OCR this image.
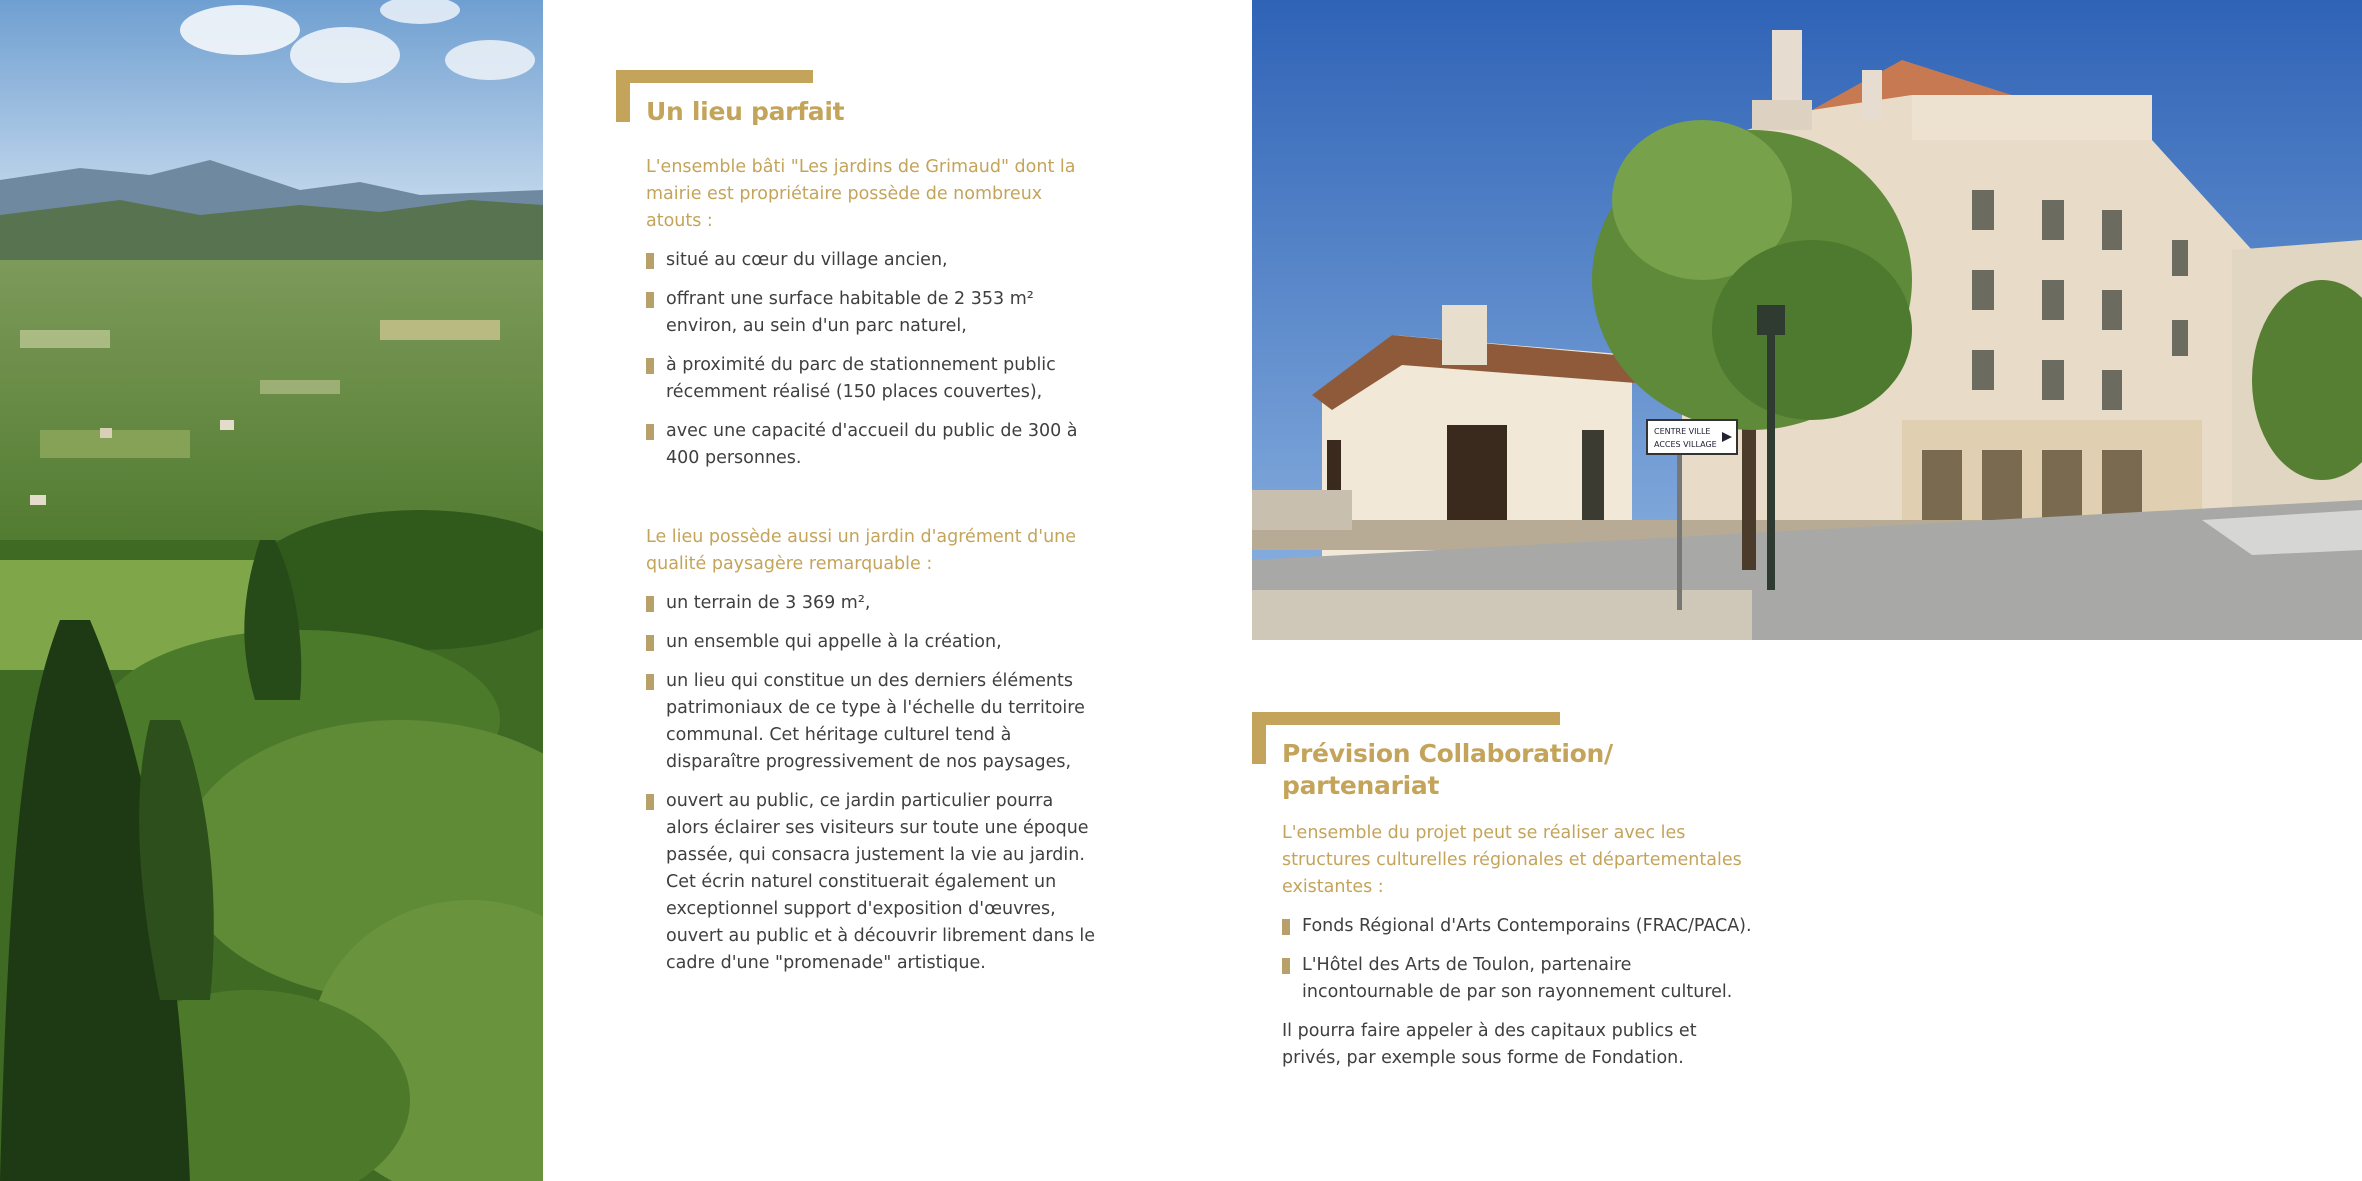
Un lieu parfait

L'ensemble bâti "Les jardins de Grimaud" dont la mairie est propriétaire possède de nombreux atouts :

situé au cœur du village ancien,
offrant une surface habitable de 2 353 m² environ, au sein d'un parc naturel,
à proximité du parc de stationnement public récemment réalisé (150 places couvertes),
avec une capacité d'accueil du public de 300 à 400 personnes.

Le lieu possède aussi un jardin d'agrément d'une qualité paysagère remarquable :

un terrain de 3 369 m²,
un ensemble qui appelle à la création,
un lieu qui constitue un des derniers éléments patrimoniaux de ce type à l'échelle du territoire communal. Cet héritage culturel tend à disparaître progressivement de nos paysages,
ouvert au public, ce jardin particulier pourra alors éclairer ses visiteurs sur toute une époque passée, qui consacra justement la vie au jardin. Cet écrin naturel constituerait également un exceptionnel support d'exposition d'œuvres, ouvert au public et à découvrir librement dans le cadre d'une "promenade" artistique.
CENTRE VILLE
ACCES VILLAGE
Prévision Collaboration/ partenariat

L'ensemble du projet peut se réaliser avec les structures culturelles régionales et départementales existantes :

Fonds Régional d'Arts Contemporains (FRAC/PACA).
L'Hôtel des Arts de Toulon, partenaire incontournable de par son rayonnement culturel.

Il pourra faire appeler à des capitaux publics et privés, par exemple sous forme de Fondation.
